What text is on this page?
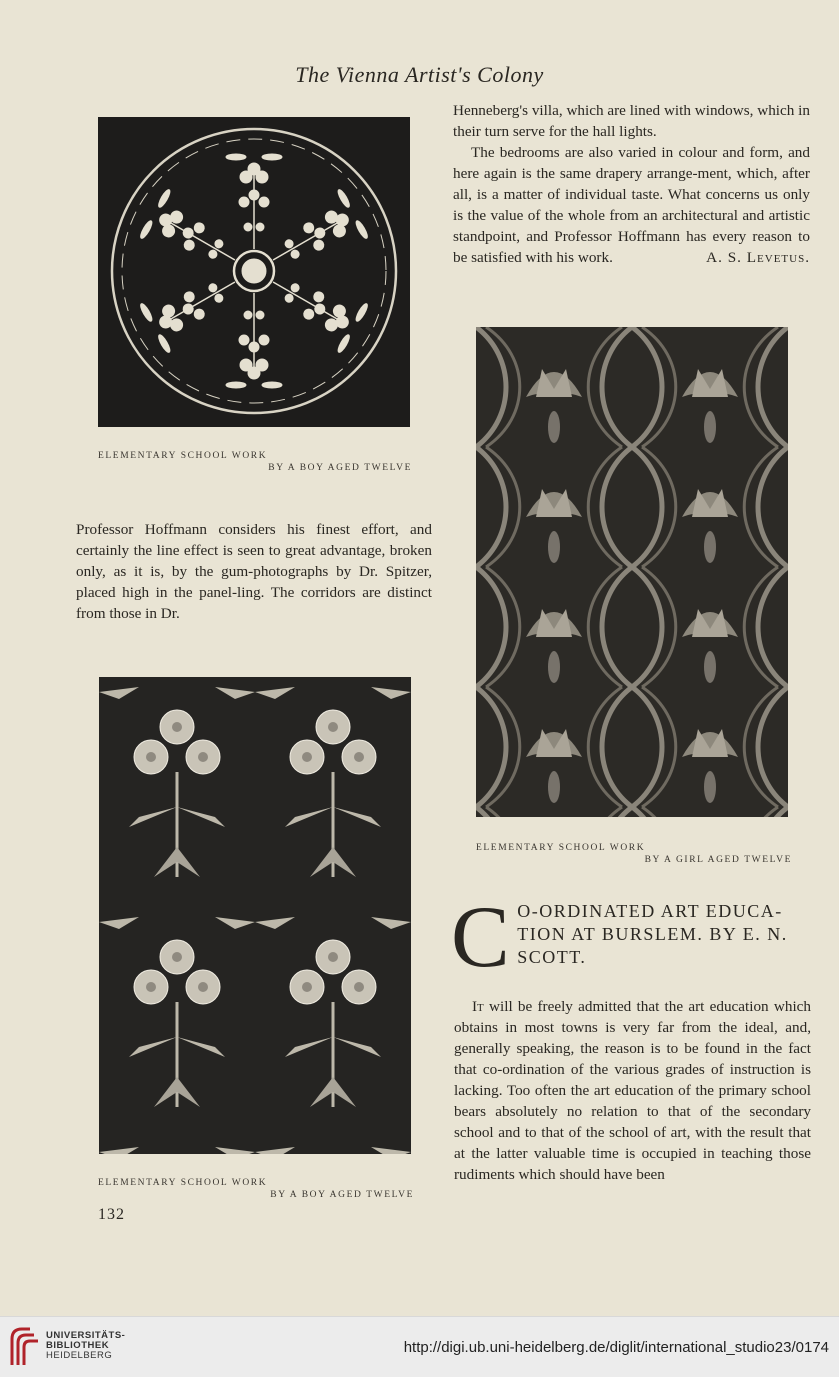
The Vienna Artist's Colony
ELEMENTARY SCHOOL WORK
BY A BOY AGED TWELVE

Henneberg's villa, which are lined with windows, which in their turn serve for the hall lights.

The bedrooms are also varied in colour and form, and here again is the same drapery arrange-ment, which, after all, is a matter of individual taste. What concerns us only is the value of the whole from an architectural and artistic standpoint, and Professor Hoffmann has every reason to be satisfied with his work.	A. S. Levetus.

ELEMENTARY SCHOOL WORK
BY A GIRL AGED TWELVE

Professor Hoffmann considers his finest effort, and certainly the line effect is seen to great advantage, broken only, as it is, by the gum-photographs by Dr. Spitzer, placed high in the panel-ling. The corridors are distinct from those in Dr.

ELEMENTARY SCHOOL WORK
BY A BOY AGED TWELVE
C O-ORDINATED ART EDUCA-TION AT BURSLEM. BY E. N. SCOTT.

It will be freely admitted that the art education which obtains in most towns is very far from the ideal, and, generally speaking, the reason is to be found in the fact that co-ordination of the various grades of instruction is lacking. Too often the art education of the primary school bears absolutely no relation to that of the secondary school and to that of the school of art, with the result that at the latter valuable time is occupied in teaching those rudiments which should have been

132
UNIVERSITÄTS-
BIBLIOTHEK
HEIDELBERG	http://digi.ub.uni-heidelberg.de/diglit/international_studio23/0174
